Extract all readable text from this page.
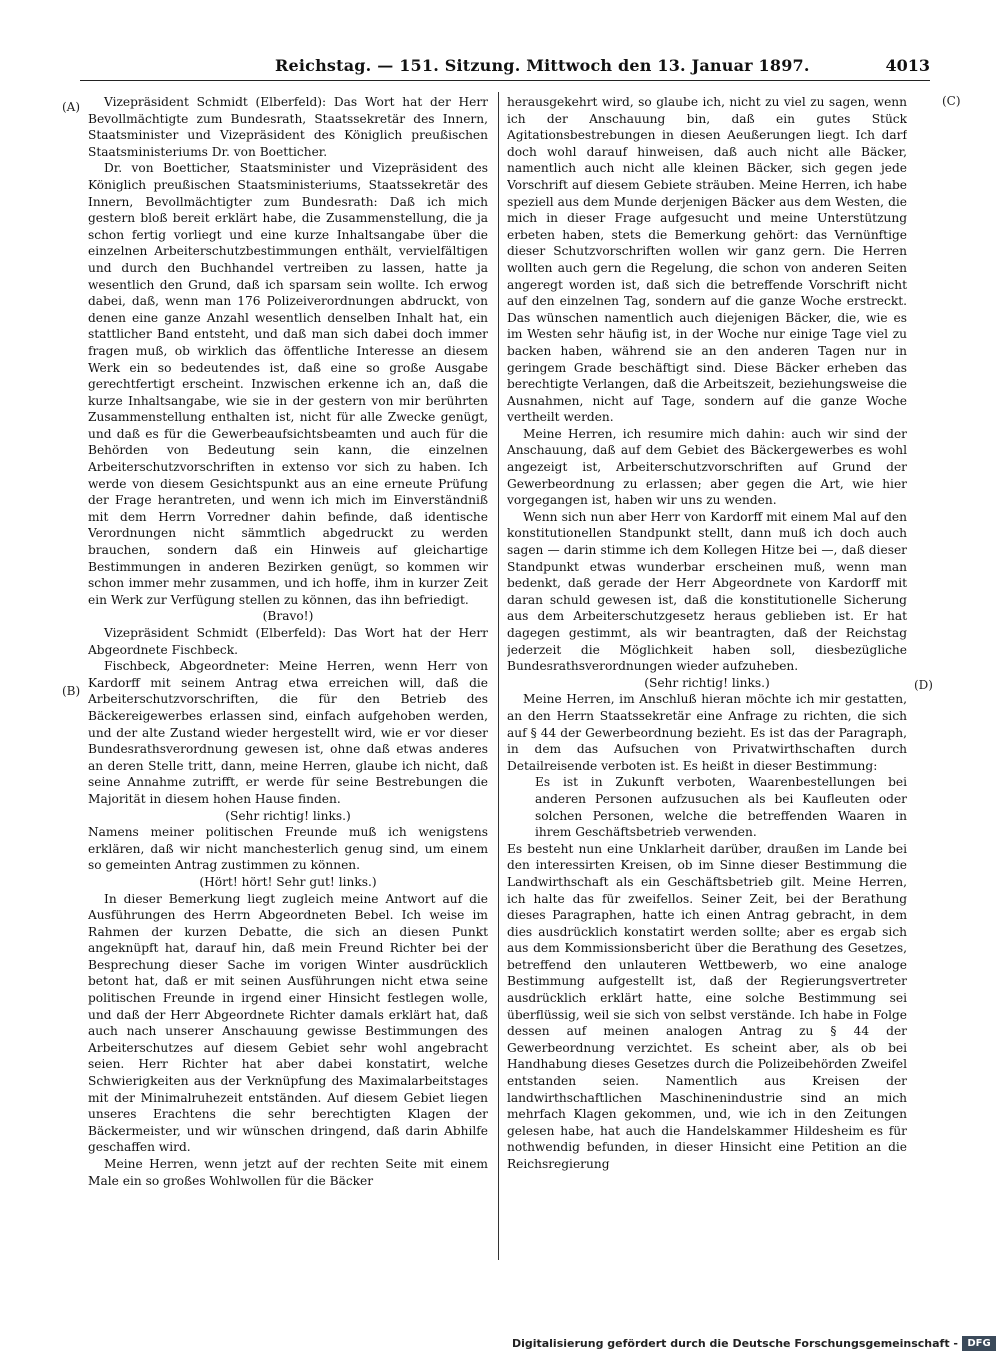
Reichstag. — 151. Sitzung. Mittwoch den 13. Januar 1897.	4013
(A)
(B)
(C)
(D)

Vizepräsident Schmidt (Elberfeld): Das Wort hat der Herr Bevollmächtigte zum Bundesrath, Staatssekretär des Innern, Staatsminister und Vizepräsident des Königlich preußischen Staatsministeriums Dr. von Boetticher.

Dr. von Boetticher, Staatsminister und Vizepräsident des Königlich preußischen Staatsministeriums, Staatssekretär des Innern, Bevollmächtigter zum Bundesrath: Daß ich mich gestern bloß bereit erklärt habe, die Zusammenstellung, die ja schon fertig vorliegt und eine kurze Inhaltsangabe über die einzelnen Arbeiterschutzbestimmungen enthält, vervielfältigen und durch den Buchhandel vertreiben zu lassen, hatte ja wesentlich den Grund, daß ich sparsam sein wollte. Ich erwog dabei, daß, wenn man 176 Polizeiverordnungen abdruckt, von denen eine ganze Anzahl wesentlich denselben Inhalt hat, ein stattlicher Band entsteht, und daß man sich dabei doch immer fragen muß, ob wirklich das öffentliche Interesse an diesem Werk ein so bedeutendes ist, daß eine so große Ausgabe gerechtfertigt erscheint. Inzwischen erkenne ich an, daß die kurze Inhaltsangabe, wie sie in der gestern von mir berührten Zusammenstellung enthalten ist, nicht für alle Zwecke genügt, und daß es für die Gewerbeaufsichtsbeamten und auch für die Behörden von Bedeutung sein kann, die einzelnen Arbeiterschutzvorschriften in extenso vor sich zu haben. Ich werde von diesem Gesichtspunkt aus an eine erneute Prüfung der Frage herantreten, und wenn ich mich im Einverständniß mit dem Herrn Vorredner dahin befinde, daß identische Verordnungen nicht sämmtlich abgedruckt zu werden brauchen, sondern daß ein Hinweis auf gleichartige Bestimmungen in anderen Bezirken genügt, so kommen wir schon immer mehr zusammen, und ich hoffe, ihm in kurzer Zeit ein Werk zur Verfügung stellen zu können, das ihn befriedigt.

(Bravo!)

Vizepräsident Schmidt (Elberfeld): Das Wort hat der Herr Abgeordnete Fischbeck.

Fischbeck, Abgeordneter: Meine Herren, wenn Herr von Kardorff mit seinem Antrag etwa erreichen will, daß die Arbeiterschutzvorschriften, die für den Betrieb des Bäckereigewerbes erlassen sind, einfach aufgehoben werden, und der alte Zustand wieder hergestellt wird, wie er vor dieser Bundesrathsverordnung gewesen ist, ohne daß etwas anderes an deren Stelle tritt, dann, meine Herren, glaube ich nicht, daß seine Annahme zutrifft, er werde für seine Bestrebungen die Majorität in diesem hohen Hause finden.

(Sehr richtig! links.)

Namens meiner politischen Freunde muß ich wenigstens erklären, daß wir nicht manchesterlich genug sind, um einem so gemeinten Antrag zustimmen zu können.

(Hört! hört! Sehr gut! links.)

In dieser Bemerkung liegt zugleich meine Antwort auf die Ausführungen des Herrn Abgeordneten Bebel. Ich weise im Rahmen der kurzen Debatte, die sich an diesen Punkt angeknüpft hat, darauf hin, daß mein Freund Richter bei der Besprechung dieser Sache im vorigen Winter ausdrücklich betont hat, daß er mit seinen Ausführungen nicht etwa seine politischen Freunde in irgend einer Hinsicht festlegen wolle, und daß der Herr Abgeordnete Richter damals erklärt hat, daß auch nach unserer Anschauung gewisse Bestimmungen des Arbeiterschutzes auf diesem Gebiet sehr wohl angebracht seien. Herr Richter hat aber dabei konstatirt, welche Schwierigkeiten aus der Verknüpfung des Maximalarbeitstages mit der Minimalruhezeit entständen. Auf diesem Gebiet liegen unseres Erachtens die sehr berechtigten Klagen der Bäckermeister, und wir wünschen dringend, daß darin Abhilfe geschaffen wird.

Meine Herren, wenn jetzt auf der rechten Seite mit einem Male ein so großes Wohlwollen für die Bäcker

herausgekehrt wird, so glaube ich, nicht zu viel zu sagen, wenn ich der Anschauung bin, daß ein gutes Stück Agitationsbestrebungen in diesen Aeußerungen liegt. Ich darf doch wohl darauf hinweisen, daß auch nicht alle Bäcker, namentlich auch nicht alle kleinen Bäcker, sich gegen jede Vorschrift auf diesem Gebiete sträuben. Meine Herren, ich habe speziell aus dem Munde derjenigen Bäcker aus dem Westen, die mich in dieser Frage aufgesucht und meine Unterstützung erbeten haben, stets die Bemerkung gehört: das Vernünftige dieser Schutzvorschriften wollen wir ganz gern. Die Herren wollten auch gern die Regelung, die schon von anderen Seiten angeregt worden ist, daß sich die betreffende Vorschrift nicht auf den einzelnen Tag, sondern auf die ganze Woche erstreckt. Das wünschen namentlich auch diejenigen Bäcker, die, wie es im Westen sehr häufig ist, in der Woche nur einige Tage viel zu backen haben, während sie an den anderen Tagen nur in geringem Grade beschäftigt sind. Diese Bäcker erheben das berechtigte Verlangen, daß die Arbeitszeit, beziehungsweise die Ausnahmen, nicht auf Tage, sondern auf die ganze Woche vertheilt werden.

Meine Herren, ich resumire mich dahin: auch wir sind der Anschauung, daß auf dem Gebiet des Bäckergewerbes es wohl angezeigt ist, Arbeiterschutzvorschriften auf Grund der Gewerbeordnung zu erlassen; aber gegen die Art, wie hier vorgegangen ist, haben wir uns zu wenden.

Wenn sich nun aber Herr von Kardorff mit einem Mal auf den konstitutionellen Standpunkt stellt, dann muß ich doch auch sagen — darin stimme ich dem Kollegen Hitze bei —, daß dieser Standpunkt etwas wunderbar erscheinen muß, wenn man bedenkt, daß gerade der Herr Abgeordnete von Kardorff mit daran schuld gewesen ist, daß die konstitutionelle Sicherung aus dem Arbeiterschutzgesetz heraus geblieben ist. Er hat dagegen gestimmt, als wir beantragten, daß der Reichstag jederzeit die Möglichkeit haben soll, diesbezügliche Bundesrathsverordnungen wieder aufzuheben.

(Sehr richtig! links.)

Meine Herren, im Anschluß hieran möchte ich mir gestatten, an den Herrn Staatssekretär eine Anfrage zu richten, die sich auf § 44 der Gewerbeordnung bezieht. Es ist das der Paragraph, in dem das Aufsuchen von Privatwirthschaften durch Detailreisende verboten ist. Es heißt in dieser Bestimmung:

Es ist in Zukunft verboten, Waarenbestellungen bei anderen Personen aufzusuchen als bei Kaufleuten oder solchen Personen, welche die betreffenden Waaren in ihrem Geschäftsbetrieb verwenden.

Es besteht nun eine Unklarheit darüber, draußen im Lande bei den interessirten Kreisen, ob im Sinne dieser Bestimmung die Landwirthschaft als ein Geschäftsbetrieb gilt. Meine Herren, ich halte das für zweifellos. Seiner Zeit, bei der Berathung dieses Paragraphen, hatte ich einen Antrag gebracht, in dem dies ausdrücklich konstatirt werden sollte; aber es ergab sich aus dem Kommissionsbericht über die Berathung des Gesetzes, betreffend den unlauteren Wettbewerb, wo eine analoge Bestimmung aufgestellt ist, daß der Regierungsvertreter ausdrücklich erklärt hatte, eine solche Bestimmung sei überflüssig, weil sie sich von selbst verstände. Ich habe in Folge dessen auf meinen analogen Antrag zu § 44 der Gewerbeordnung verzichtet. Es scheint aber, als ob bei Handhabung dieses Gesetzes durch die Polizeibehörden Zweifel entstanden seien. Namentlich aus Kreisen der landwirthschaftlichen Maschinenindustrie sind an mich mehrfach Klagen gekommen, und, wie ich in den Zeitungen gelesen habe, hat auch die Handelskammer Hildesheim es für nothwendig befunden, in dieser Hinsicht eine Petition an die Reichsregierung

Digitalisierung gefördert durch die Deutsche Forschungsgemeinschaft - DFG
